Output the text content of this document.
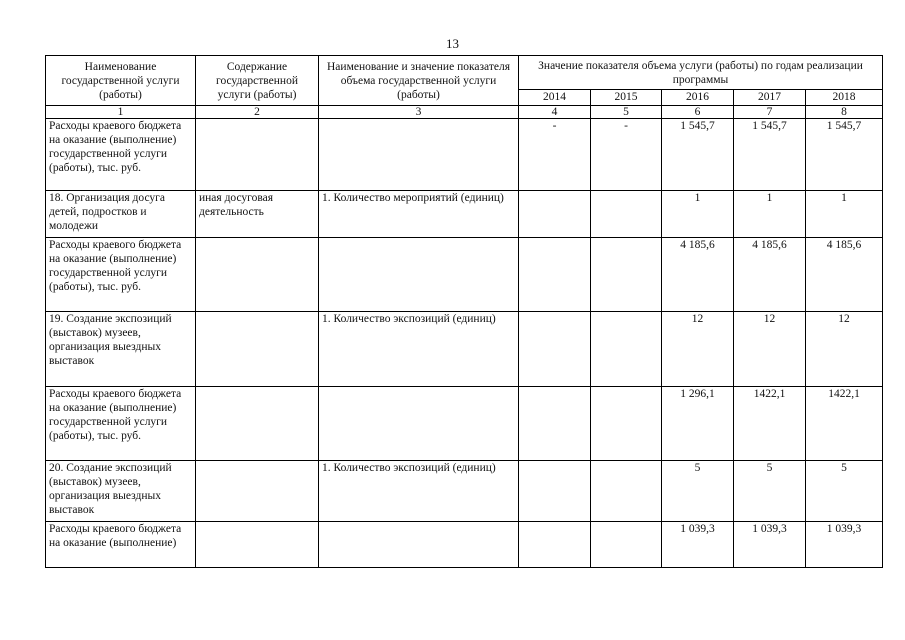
13
Наименование государственной услуги (работы)	Содержание государственной услуги (работы)	Наименование и значение показателя объема государственной услуги (работы)	Значение показателя объема услуги (работы) по годам реализации программы				
			2014	2015	2016	2017	2018
1	2	3	4	5	6	7	8
Расходы краевого бюджета на оказание (выполнение) государственной услуги (работы), тыс. руб.			-	-	1 545,7	1 545,7	1 545,7
18. Организация досуга детей, подростков и молодежи	иная досуговая деятельность	1. Количество мероприятий (единиц)			1	1	1
Расходы краевого бюджета на оказание (выполнение) государственной услуги (работы), тыс. руб.					4 185,6	4 185,6	4 185,6
19. Создание экспозиций (выставок) музеев, организация выездных выставок		1. Количество экспозиций (единиц)			12	12	12
Расходы краевого бюджета на оказание (выполнение) государственной услуги (работы), тыс. руб.					1 296,1	1422,1	1422,1
20. Создание экспозиций (выставок) музеев, организация выездных выставок		1. Количество экспозиций (единиц)			5	5	5
Расходы краевого бюджета на оказание (выполнение)					1 039,3	1 039,3	1 039,3
